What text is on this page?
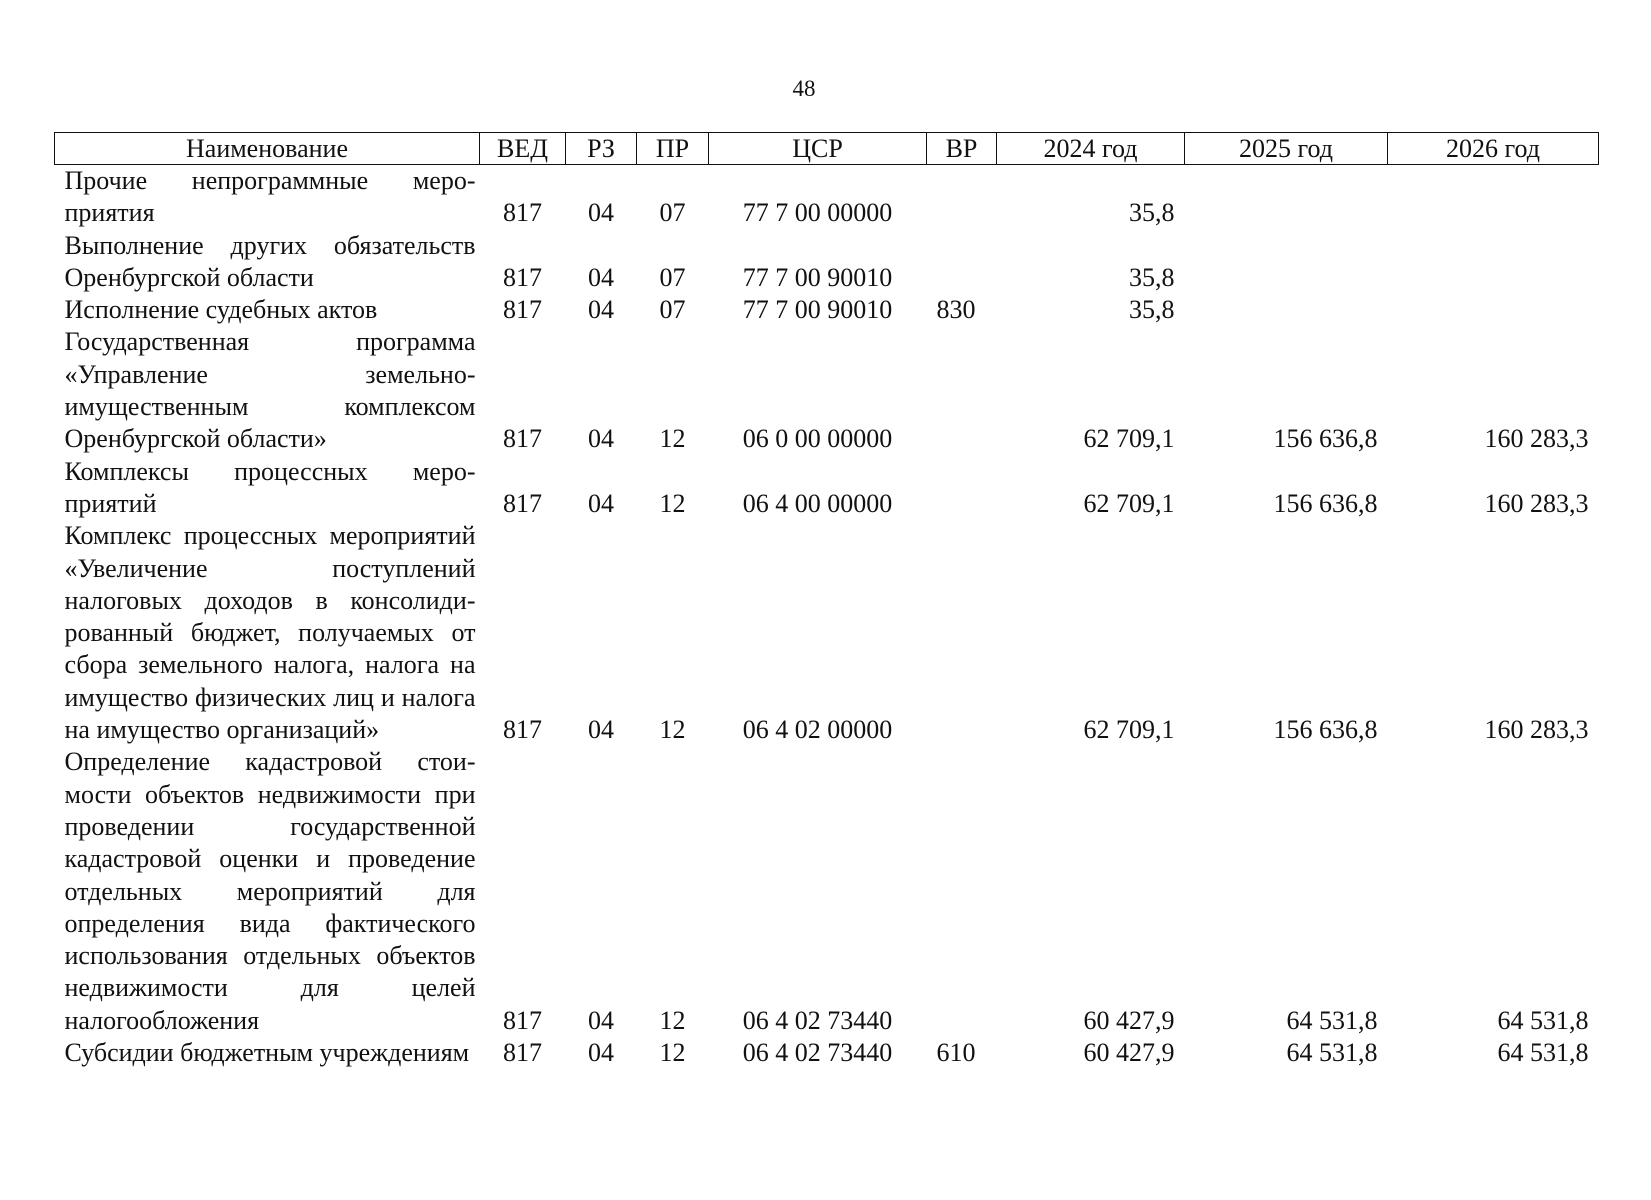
48
Наименование	ВЕД	РЗ	ПР	ЦСР	ВР	2024 год	2025 год	2026 год
Прочие непрограммные мероприятия	817	04	07	77 7 00 00000		35,8		
Выполнение других обязательств Оренбургской области	817	04	07	77 7 00 90010		35,8		
Исполнение судебных актов	817	04	07	77 7 00 90010	830	35,8		
Государственная программа «Управление земельно-имущественным комплексом Оренбургской области»	817	04	12	06 0 00 00000		62 709,1	156 636,8	160 283,3
Комплексы процессных мероприятий	817	04	12	06 4 00 00000		62 709,1	156 636,8	160 283,3
Комплекс процессных мероприятий «Увеличение поступлений налоговых доходов в консолидированный бюджет, получаемых от сбора земельного налога, налога на имущество физических лиц и налога на имущество организаций»	817	04	12	06 4 02 00000		62 709,1	156 636,8	160 283,3
Определение кадастровой стоимости объектов недвижимости при проведении государственной кадастровой оценки и проведение отдельных мероприятий для определения вида фактического использования отдельных объектов недвижимости для целей налогообложения	817	04	12	06 4 02 73440		60 427,9	64 531,8	64 531,8
Субсидии бюджетным учреждениям	817	04	12	06 4 02 73440	610	60 427,9	64 531,8	64 531,8
